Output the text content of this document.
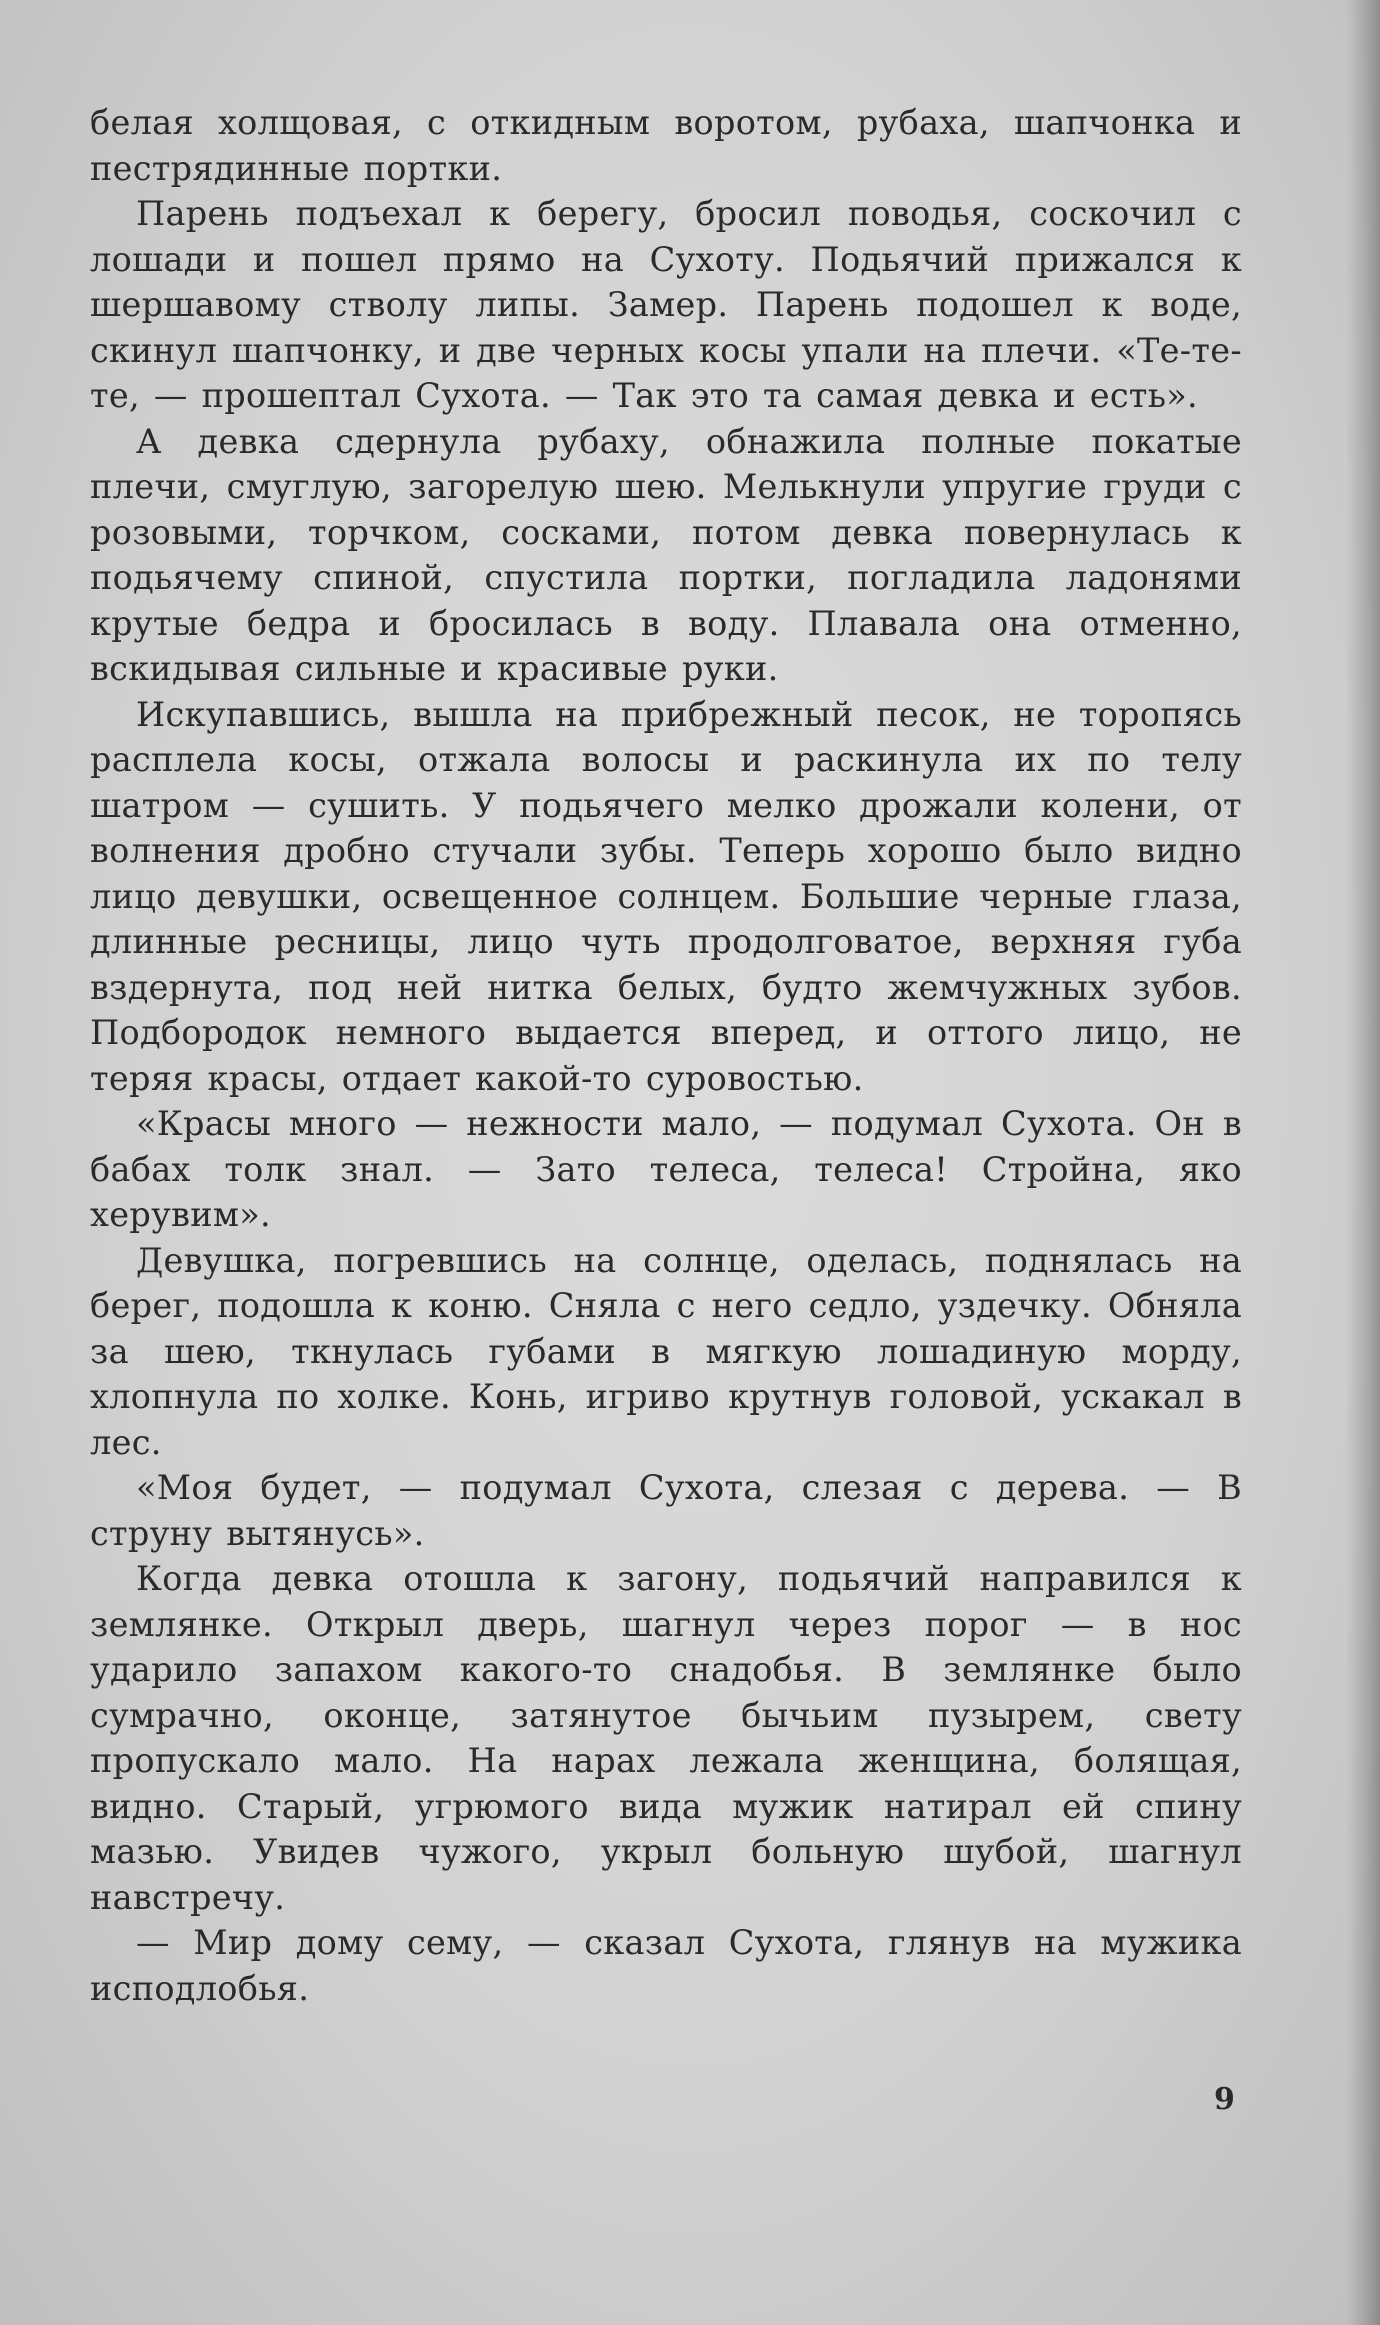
белая холщовая, с откидным воротом, рубаха, шапчонка и пестрядинные портки.

Парень подъехал к берегу, бросил поводья, соскочил с лошади и пошел прямо на Сухоту. Подьячий прижался к шершавому стволу липы. Замер. Парень подошел к воде, скинул шапчонку, и две черных косы упали на плечи. «Те-те-те, — прошептал Сухота. — Так это та самая девка и есть».

А девка сдернула рубаху, обнажила полные покатые плечи, смуглую, загорелую шею. Мелькнули упругие груди с розовыми, торчком, сосками, потом девка повернулась к подьячему спиной, спустила портки, погладила ладонями крутые бедра и бросилась в воду. Плавала она отменно, вскидывая сильные и красивые руки.

Искупавшись, вышла на прибрежный песок, не торопясь расплела косы, отжала волосы и раскинула их по телу шатром — сушить. У подьячего мелко дрожали колени, от волнения дробно стучали зубы. Теперь хорошо было видно лицо девушки, освещенное солнцем. Большие черные глаза, длинные ресницы, лицо чуть продолговатое, верхняя губа вздернута, под ней нитка белых, будто жемчужных зубов. Подбородок немного выдается вперед, и оттого лицо, не теряя красы, отдает какой-то суровостью.

«Красы много — нежности мало, — подумал Сухота. Он в бабах толк знал. — Зато телеса, телеса! Стройна, яко херувим».

Девушка, погревшись на солнце, оделась, поднялась на берег, подошла к коню. Сняла с него седло, уздечку. Обняла за шею, ткнулась губами в мягкую лошадиную морду, хлопнула по холке. Конь, игриво крутнув головой, ускакал в лес.

«Моя будет, — подумал Сухота, слезая с дерева. — В струну вытянусь».

Когда девка отошла к загону, подьячий направился к землянке. Открыл дверь, шагнул через порог — в нос ударило запахом какого-то снадобья. В землянке было сумрачно, оконце, затянутое бычьим пузырем, свету пропускало мало. На нарах лежала женщина, болящая, видно. Старый, угрюмого вида мужик натирал ей спину мазью. Увидев чужого, укрыл больную шубой, шагнул навстречу.

— Мир дому сему, — сказал Сухота, глянув на мужика исподлобья.

9
